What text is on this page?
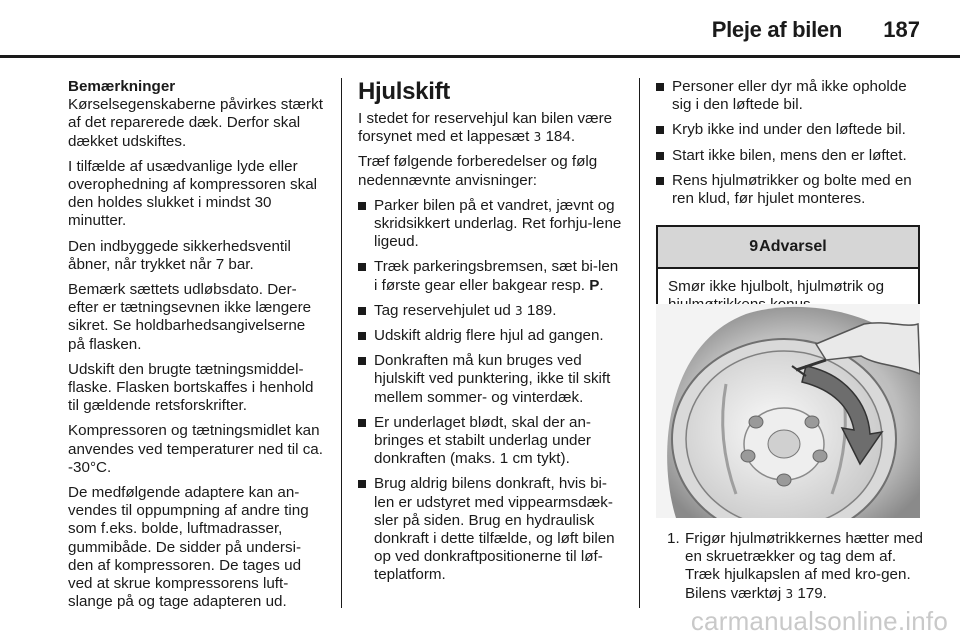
Pleje af bilen 187
Bemærkninger

Kørselsegenskaberne påvirkes stærkt af det reparerede dæk. Derfor skal dækket udskiftes.

I tilfælde af usædvanlige lyde eller overophedning af kompressoren skal den holdes slukket i mindst 30 minutter.

Den indbyggede sikkerhedsventil åbner, når trykket når 7 bar.

Bemærk sættets udløbsdato. Der-efter er tætningsevnen ikke længere sikret. Se holdbarhedsangivelserne på flasken.

Udskift den brugte tætningsmiddel-flaske. Flasken bortskaffes i henhold til gældende retsforskrifter.

Kompressoren og tætningsmidlet kan anvendes ved temperaturer ned til ca. -30°C.

De medfølgende adaptere kan an-vendes til oppumpning af andre ting som f.eks. bolde, luftmadrasser, gummibåde. De sidder på undersi-den af kompressoren. De tages ud ved at skrue kompressorens luft-slange på og tage adapteren ud.

Hjulskift

I stedet for reservehjul kan bilen være forsynet med et lappesæt 3 184.

Træf følgende forberedelser og følg nedennævnte anvisninger:

Parker bilen på et vandret, jævnt og skridsikkert underlag. Ret forhju-lene ligeud.
Træk parkeringsbremsen, sæt bi-len i første gear eller bakgear resp. P.
Tag reservehjulet ud 3 189.
Udskift aldrig flere hjul ad gangen.
Donkraften må kun bruges ved hjulskift ved punktering, ikke til skift mellem sommer- og vinterdæk.
Er underlaget blødt, skal der an-bringes et stabilt underlag under donkraften (maks. 1 cm tykt).
Brug aldrig bilens donkraft, hvis bi-len er udstyret med vippearmsdæk-sler på siden. Brug en hydraulisk donkraft i dette tilfælde, og løft bilen op ved donkraftpositionerne til løf-teplatform.
Personer eller dyr må ikke opholde sig i den løftede bil.
Kryb ikke ind under den løftede bil.
Start ikke bilen, mens den er løftet.
Rens hjulmøtrikker og bolte med en ren klud, før hjulet monteres.
9 Advarsel
Smør ikke hjulbolt, hjulmøtrik og
1. Frigør hjulmøtrikkernes hætter med en skruetrækker og tag dem af. Træk hjulkapslen af med kro-gen. Bilens værktøj 3 179.
carmanualsonline.info
